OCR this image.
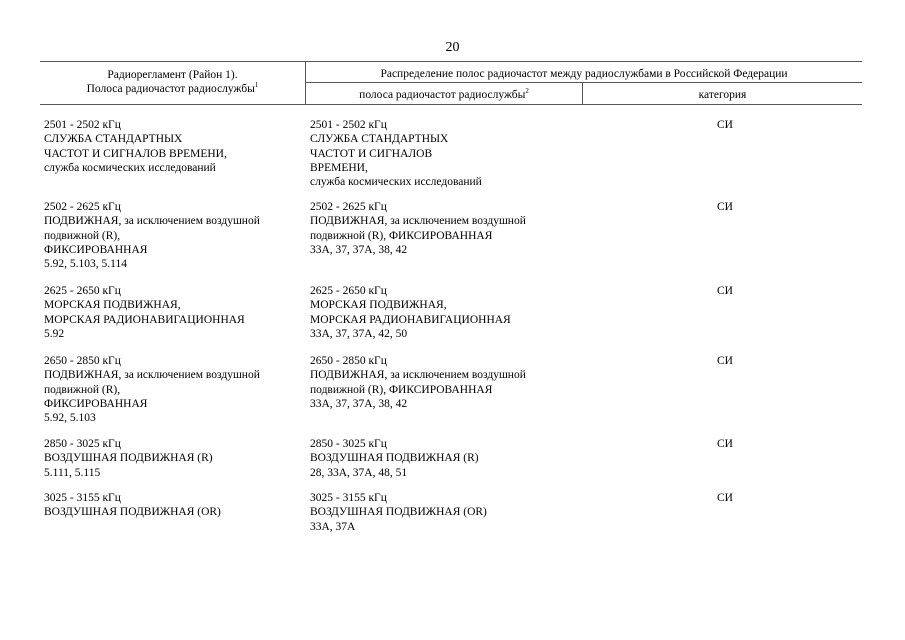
20
Радиорегламент (Район 1).
Полоса радиочастот радиослужбы$^1$
Распределение полос радиочастот между радиослужбами в Российской Федерации
полоса радиочастот радиослужбы$^2$	категория
2501 - 2502 кГц
СЛУЖБА СТАНДАРТНЫХ
ЧАСТОТ И СИГНАЛОВ ВРЕМЕНИ,
служба космических исследований
2501 - 2502 кГц
СЛУЖБА СТАНДАРТНЫХ
ЧАСТОТ И СИГНАЛОВ
ВРЕМЕНИ,
служба космических исследований
СИ
2502 - 2625 кГц
ПОДВИЖНАЯ, за исключением воздушной
подвижной (R),
ФИКСИРОВАННАЯ
5.92, 5.103, 5.114
2502 - 2625 кГц
ПОДВИЖНАЯ, за исключением воздушной
подвижной (R), ФИКСИРОВАННАЯ
33А, 37, 37А, 38, 42
СИ
2625 - 2650 кГц
МОРСКАЯ ПОДВИЖНАЯ,
МОРСКАЯ РАДИОНАВИГАЦИОННАЯ
5.92
2625 - 2650 кГц
МОРСКАЯ ПОДВИЖНАЯ,
МОРСКАЯ РАДИОНАВИГАЦИОННАЯ
33А, 37, 37А, 42, 50
СИ
2650 - 2850 кГц
ПОДВИЖНАЯ, за исключением воздушной
подвижной (R),
ФИКСИРОВАННАЯ
5.92, 5.103
2650 - 2850 кГц
ПОДВИЖНАЯ, за исключением воздушной
подвижной (R), ФИКСИРОВАННАЯ
33А, 37, 37А, 38, 42
СИ
2850 - 3025 кГц
ВОЗДУШНАЯ ПОДВИЖНАЯ (R)
5.111, 5.115
2850 - 3025 кГц
ВОЗДУШНАЯ ПОДВИЖНАЯ (R)
28, 33А, 37А, 48, 51
СИ
3025 - 3155 кГц
ВОЗДУШНАЯ ПОДВИЖНАЯ (OR)
3025 - 3155 кГц
ВОЗДУШНАЯ ПОДВИЖНАЯ (OR)
33А, 37А
СИ
